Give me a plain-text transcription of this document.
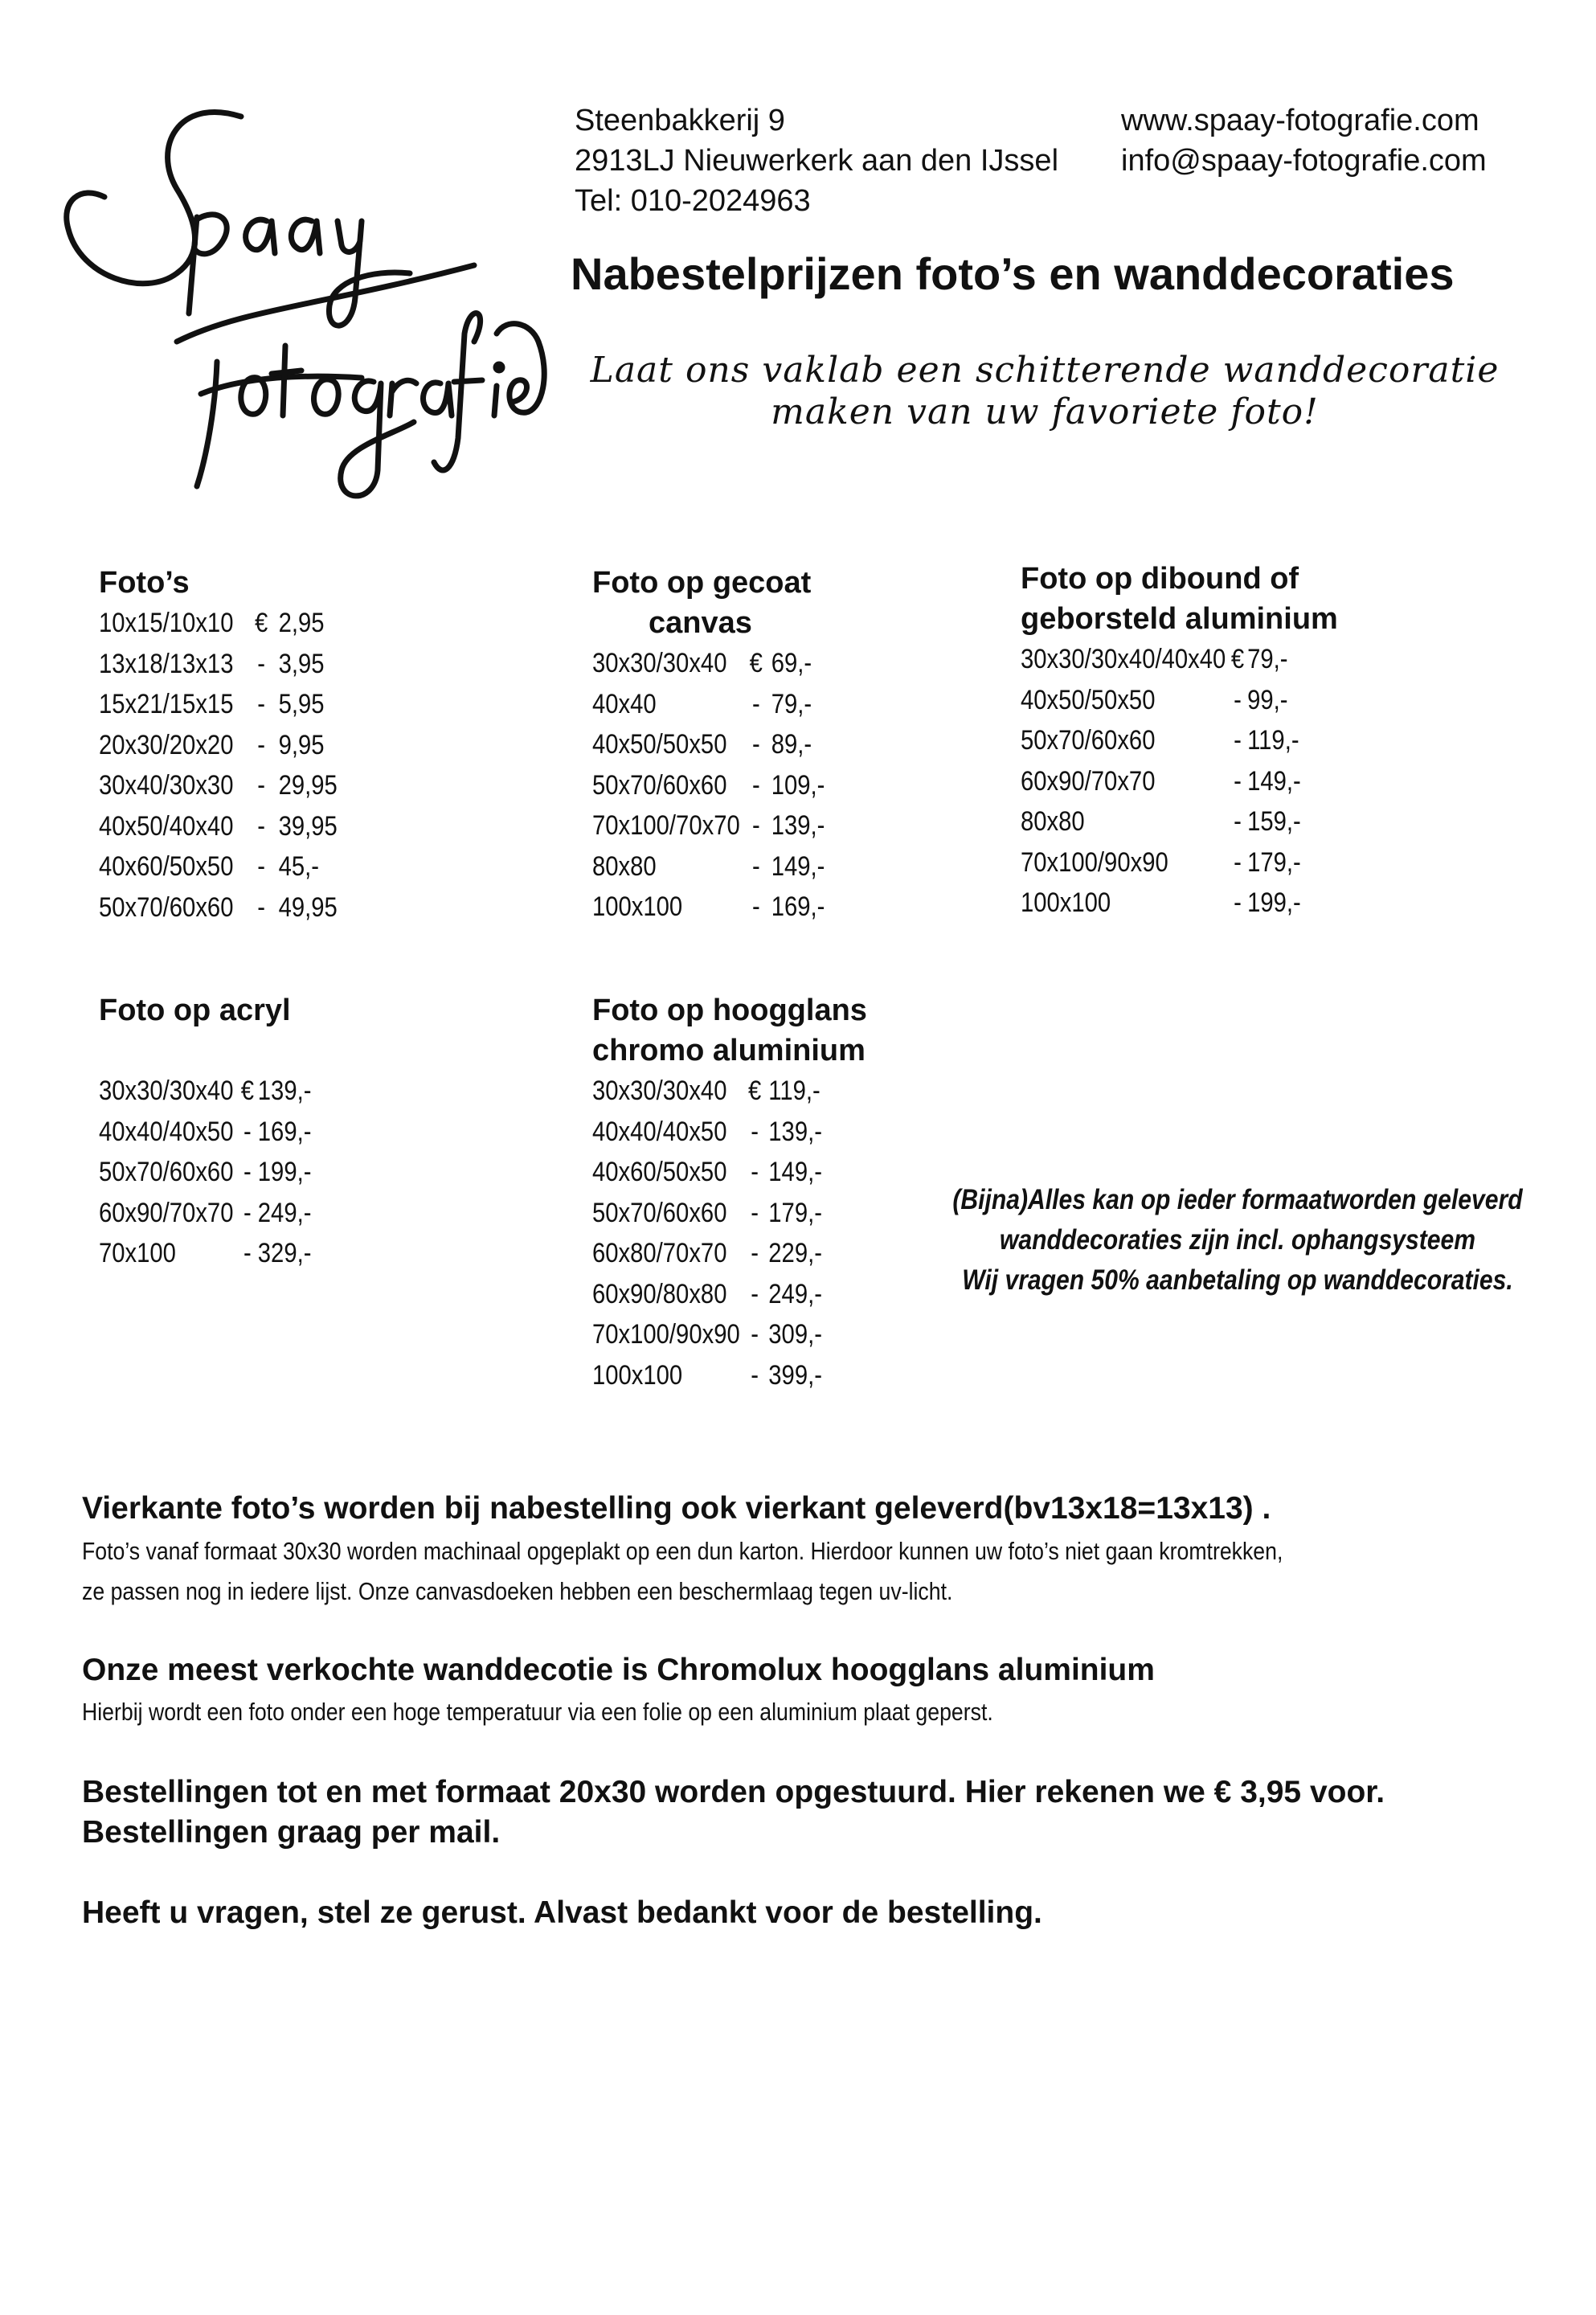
Steenbakkerij 9
2913LJ Nieuwerkerk aan den IJssel
Tel: 010-2024963
www.spaay-fotografie.com
info@spaay-fotografie.com
Nabestelprijzen foto’s en wanddecoraties
Laat ons vaklab een schitterende wanddecoratie
maken van uw favoriete foto!
Foto’s
10x15/10x10 € 2,95
13x18/13x13 - 3,95
15x21/15x15 - 5,95
20x30/20x20 - 9,95
30x40/30x30 - 29,95
40x50/40x40 - 39,95
40x60/50x50 - 45,-
50x70/60x60 - 49,95
Foto op gecoat
canvas
30x30/30x40 € 69,-
40x40	- 79,-
40x50/50x50 - 89,-
50x70/60x60 - 109,-
70x100/70x70 - 139,-
80x80	- 149,-
100x100	- 169,-
Foto op dibound of
geborsteld aluminium
30x30/30x40/40x40 € 79,-
40x50/50x50	- 99,-
50x70/60x60	- 119,-
60x90/70x70	- 149,-
80x80	- 159,-
70x100/90x90	- 179,-
100x100	- 199,-
Foto op acryl
30x30/30x40 € 139,-
40x40/40x50 - 169,-
50x70/60x60 - 199,-
60x90/70x70 - 249,-
70x100	- 329,-
Foto op hoogglans
chromo aluminium
30x30/30x40 € 119,-
40x40/40x50 - 139,-
40x60/50x50 - 149,-
50x70/60x60 - 179,-
60x80/70x70 - 229,-
60x90/80x80 - 249,-
70x100/90x90 - 309,-
100x100	- 399,-
(Bijna)Alles kan op ieder formaatworden geleverd
wanddecoraties zijn incl. ophangsysteem
Wij vragen 50% aanbetaling op wanddecoraties.
Vierkante foto’s worden bij nabestelling ook vierkant geleverd(bv13x18=13x13) .
Foto’s vanaf formaat 30x30 worden machinaal opgeplakt op een dun karton. Hierdoor kunnen uw foto’s niet gaan kromtrekken,
ze passen nog in iedere lijst. Onze canvasdoeken hebben een beschermlaag tegen uv-licht.
Onze meest verkochte wanddecotie is Chromolux hoogglans aluminium
Hierbij wordt een foto onder een hoge temperatuur via een folie op een aluminium plaat geperst.
Bestellingen tot en met formaat 20x30 worden opgestuurd. Hier rekenen we € 3,95 voor.
Bestellingen graag per mail.
Heeft u vragen, stel ze gerust. Alvast bedankt voor de bestelling.
